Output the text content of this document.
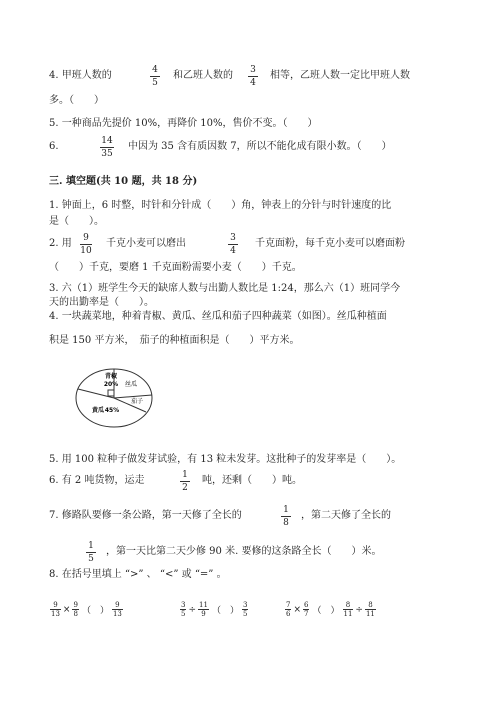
4. 甲班人数的	4
5
和乙班人数的 3
4
相等，乙班人数一定比甲班人数
多。（　　）
5. 一种商品先提价 10%，再降价 10%，售价不变。（　　）
6.	14
35
中因为 35 含有质因数 7，所以不能化成有限小数。（　　）
三. 填空题(共 10 题，共 18 分)
1. 钟面上，6 时整，时针和分针成（　　）角，钟表上的分针与时针速度的比
是（　　）。
2. 用	9
10
千克小麦可以磨出	3
4
千克面粉，每千克小麦可以磨面粉
（　　）千克，要磨 1 千克面粉需要小麦（　　）千克。
3. 六（1）班学生今天的缺席人数与出勤人数比是 1:24，那么六（1）班同学今
天的出勤率是（　　）。
4. 一块蔬菜地，种着青椒、黄瓜、丝瓜和茄子四种蔬菜（如图）。丝瓜种植面
积是 150 平方米，　茄子的种植面积是（　　）平方米。
青椒
20% 丝瓜
茄子
黄瓜 45%
5. 用 100 粒种子做发芽试验，有 13 粒未发芽。这批种子的发芽率是（　　）。
6. 有 2 吨货物，运走	1
2
吨，还剩（　　）吨。
7. 修路队要修一条公路，第一天修了全长的	1
8
，第二天修了全长的
1
5
，第一天比第二天少修 90 米. 要修的这条路全长（　　）米。
8. 在括号里填上 “>” 、 “<” 或 “=” 。
$\frac{9}{13} \times \frac{9}{8}$ （　） $\frac{9}{13}$	$\frac{3}{5} \div \frac{11}{9}$ （　） $\frac{3}{5}$	$\frac{7}{6} \times \frac{6}{7}$ （　） $\frac{8}{11} \div \frac{8}{11}$
